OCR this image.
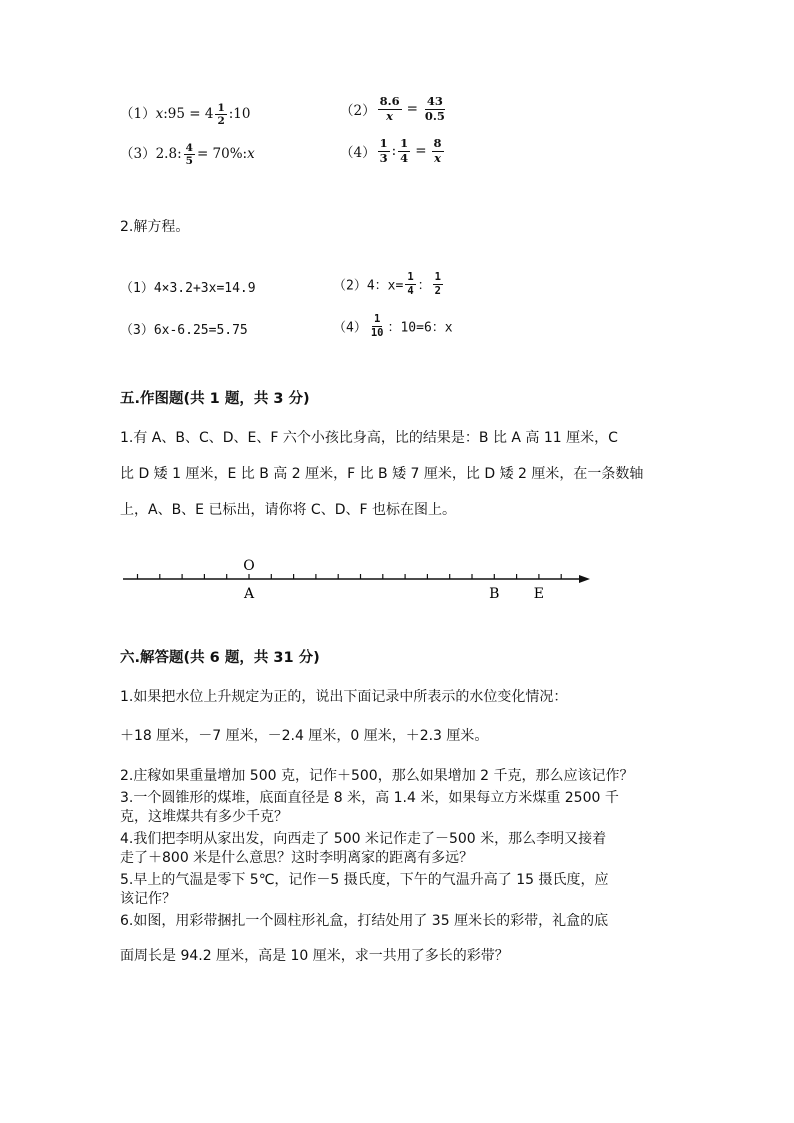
（1）x:95 = $4 \frac{1}{2}$ :10	$(2) \frac{8.6}{x} = \frac{43}{0.5}$
（3）2.8: $\frac{4}{5}$ = 70%:x	$(4) \frac{1}{3}$ : $\frac{1}{4} = \frac{8}{x}$
2.解方程。
（1）4×3.2+3x=14.9	（2）4：$x= \frac{1}{4}$ ： $\frac{1}{2}$
（3）6x-6.25=5.75	$(4) \frac{1}{10}$ ：10=6：x
五.作图题(共 1 题，共 3 分)
1.有 A、B、C、D、E、F 六个小孩比身高，比的结果是：B 比 A 高 11 厘米，C
比 D 矮 1 厘米，E 比 B 高 2 厘米，F 比 B 矮 7 厘米，比 D 矮 2 厘米，在一条数轴
上，A、B、E 已标出，请你将 C、D、F 也标在图上。
O
A	B E
六.解答题(共 6 题，共 31 分)
1.如果把水位上升规定为正的，说出下面记录中所表示的水位变化情况：
＋18 厘米，－7 厘米，－2.4 厘米，0 厘米，＋2.3 厘米。
2.庄稼如果重量增加 500 克，记作＋500，那么如果增加 2 千克，那么应该记作？
3.一个圆锥形的煤堆，底面直径是 8 米，高 1.4 米，如果每立方米煤重 2500 千
克，这堆煤共有多少千克？
4.我们把李明从家出发，向西走了 500 米记作走了－500 米，那么李明又接着
走了＋800 米是什么意思？这时李明离家的距离有多远？
5.早上的气温是零下 5℃，记作－5 摄氏度，下午的气温升高了 15 摄氏度，应
该记作？
6.如图，用彩带捆扎一个圆柱形礼盒，打结处用了 35 厘米长的彩带，礼盒的底
面周长是 94.2 厘米，高是 10 厘米，求一共用了多长的彩带？
